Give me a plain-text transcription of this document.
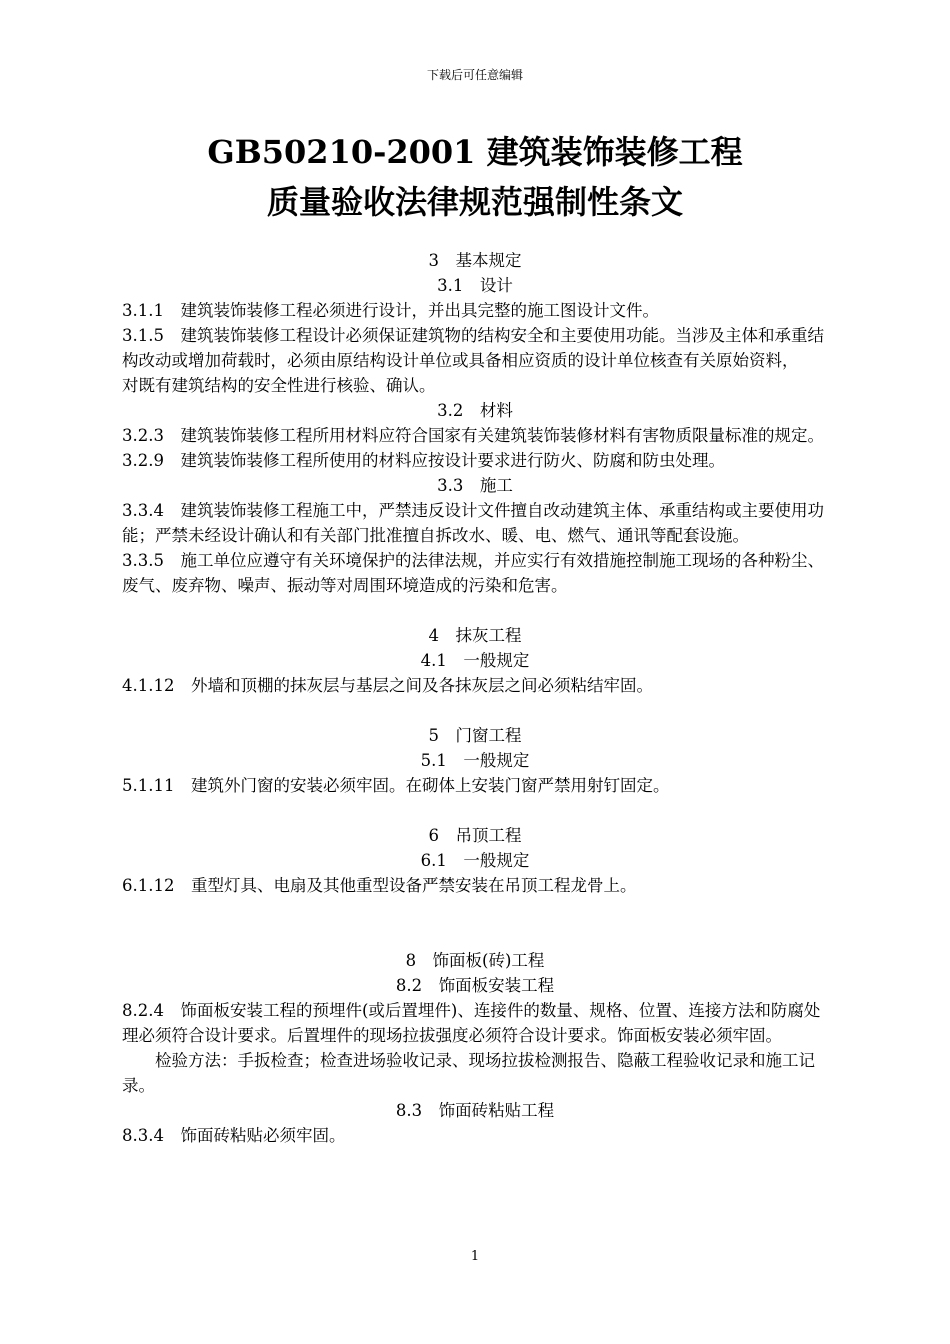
下载后可任意编辑
GB50210-2001 建筑装饰装修工程
质量验收法律规范强制性条文

3　基本规定

3.1　设计

3.1.1　建筑装饰装修工程必须进行设计，并出具完整的施工图设计文件。

3.1.5　建筑装饰装修工程设计必须保证建筑物的结构安全和主要使用功能。当涉及主体和承重结构改动或增加荷载时，必须由原结构设计单位或具备相应资质的设计单位核查有关原始资料，　 对既有建筑结构的安全性进行核验、确认。

3.2　材料

3.2.3　建筑装饰装修工程所用材料应符合国家有关建筑装饰装修材料有害物质限量标准的规定。

3.2.9　建筑装饰装修工程所使用的材料应按设计要求进行防火、防腐和防虫处理。

3.3　施工

3.3.4　建筑装饰装修工程施工中，严禁违反设计文件擅自改动建筑主体、承重结构或主要使用功能；严禁未经设计确认和有关部门批准擅自拆改水、暖、电、燃气、通讯等配套设施。

3.3.5　施工单位应遵守有关环境保护的法律法规，并应实行有效措施控制施工现场的各种粉尘、废气、废弃物、噪声、振动等对周围环境造成的污染和危害。

4　抹灰工程

4.1　一般规定

4.1.12　外墙和顶棚的抹灰层与基层之间及各抹灰层之间必须粘结牢固。

5　门窗工程

5.1　一般规定

5.1.11　建筑外门窗的安装必须牢固。在砌体上安装门窗严禁用射钉固定。

6　吊顶工程

6.1　一般规定

6.1.12　重型灯具、电扇及其他重型设备严禁安装在吊顶工程龙骨上。

8　饰面板(砖)工程

8.2　饰面板安装工程

8.2.4　饰面板安装工程的预埋件(或后置埋件)、连接件的数量、规格、位置、连接方法和防腐处理必须符合设计要求。后置埋件的现场拉拔强度必须符合设计要求。饰面板安装必须牢固。

检验方法：手扳检查；检查进场验收记录、现场拉拔检测报告、隐蔽工程验收记录和施工记录。

8.3　饰面砖粘贴工程

8.3.4　饰面砖粘贴必须牢固。

1
